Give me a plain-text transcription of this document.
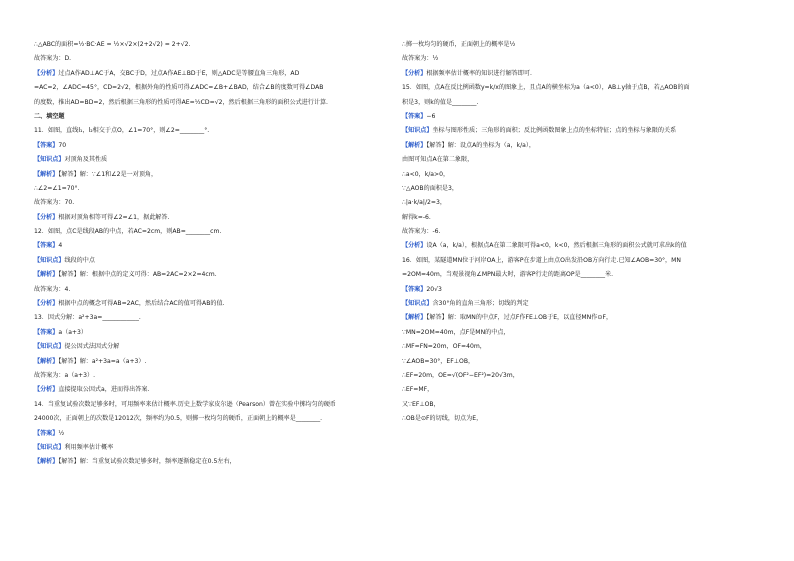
∴△ABC的面积=½·BC·AE = ½×√2×(2+2√2) = 2+√2.
故答案为：D.
【分析】过点A作AD⊥AC于A，交BC于D，过点A作AE⊥BD于E，则△ADC是等腰直角三角形，AD
=AC=2，∠ADC=45°，CD=2√2，根据外角的性质可得∠ADC=∠B+∠BAD，结合∠B的度数可得∠DAB
的度数，推出AD=BD=2，然后根据三角形的性质可得AE=½CD=√2，然后根据三角形的面积公式进行计算.
二、填空题
11．如图，直线l₁，l₂相交于点O，∠1=70°，则∠2=________°.
【答案】70
【知识点】对顶角及其性质
【解析】【解答】解：∵∠1和∠2是一对顶角，
∴∠2=∠1=70°.
故答案为：70.
【分析】根据对顶角相等可得∠2=∠1，据此解答.
12．如图，点C是线段AB的中点，若AC=2cm，则AB=________cm.
【答案】4
【知识点】线段的中点
【解析】【解答】解：根据中点的定义可得：AB=2AC=2×2=4cm.
故答案为：4.
【分析】根据中点的概念可得AB=2AC，然后结合AC的值可得AB的值.
13．因式分解：a²+3a=____________.
【答案】a（a+3）
【知识点】提公因式法因式分解
【解析】【解答】解：a²+3a=a（a+3）.
故答案为：a（a+3）.
【分析】直接提取公因式a，进而得出答案.
14．当重复试验次数足够多时，可用频率来估计概率.历史上数学家皮尔逊（Pearson）曾在实验中掷均匀的硬币
24000次，正面朝上的次数是12012次，频率约为0.5，则掷一枚均匀的硬币，正面朝上的概率是________.
【答案】½
【知识点】利用频率估计概率
【解析】【解答】解：当重复试验次数足够多时，频率逐渐稳定在0.5左右，
∴掷一枚均匀的硬币，正面朝上的概率是½
故答案为：½
【分析】根据频率估计概率的知识进行解答即可.
15．如图，点A在反比例函数y=k/x的图象上，且点A的横坐标为a（a<0），AB⊥y轴于点B，若△AOB的面
积是3，则k的值是________.
【答案】−6
【知识点】坐标与图形性质；三角形的面积；反比例函数图象上点的坐标特征；点的坐标与象限的关系
【解析】【解答】解：设点A的坐标为（a，k/a），
由图可知点A在第二象限，
∴a<0，k/a>0，
∵△AOB的面积是3，
∴|a·k/a|/2=3，
解得k=-6.
故答案为：-6.
【分析】设A（a，k/a），根据点A在第二象限可得a<0，k<0，然后根据三角形的面积公式就可求出k的值
16．如图，某隧道MN位于河岸OA上，游客P在步道上由点O出发沿OB方向行走.已知∠AOB=30°，MN
=2OM=40m，当观景视角∠MPN最大时，游客P行走的距离OP是________米.
【答案】20√3
【知识点】含30°角的直角三角形；切线的判定
【解析】【解答】解：取MN的中点F，过点F作FE⊥OB于E，以直径MN作⊙F，
∵MN=2OM=40m，点F是MN的中点，
∴MF=FN=20m，OF=40m，
∵∠AOB=30°，EF⊥OB，
∴EF=20m，OE=√(OF²−EF²)=20√3m，
∴EF=MF，
又∵EF⊥OB，
∴OB是⊙F的切线，切点为E，
